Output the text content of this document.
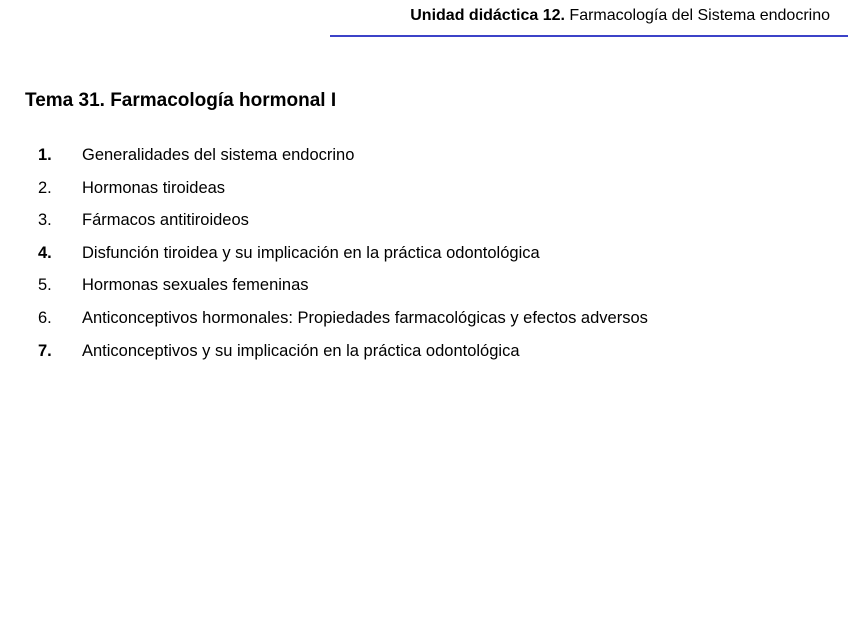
Unidad didáctica 12. Farmacología del Sistema endocrino
Tema 31. Farmacología hormonal I
1.	Generalidades del sistema endocrino
2.	Hormonas tiroideas
3.	Fármacos antitiroideos
4.	Disfunción tiroidea y su implicación en la práctica odontológica
5.	Hormonas sexuales femeninas
6.	Anticonceptivos hormonales: Propiedades farmacológicas y efectos adversos
7.	Anticonceptivos y su implicación en la práctica odontológica
